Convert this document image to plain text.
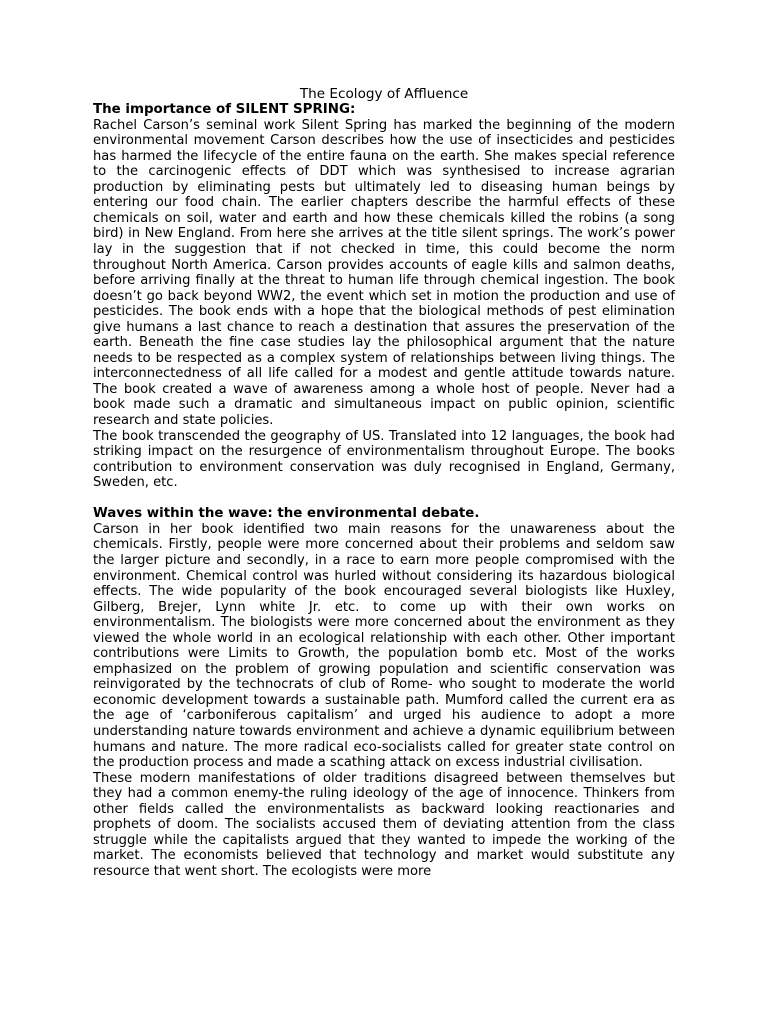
The Ecology of Affluence
The importance of SILENT SPRING:

Rachel Carson’s seminal work Silent Spring has marked the beginning of the modern environmental movement Carson describes how the use of insecticides and pesticides has harmed the lifecycle of the entire fauna on the earth. She makes special reference to the carcinogenic effects of DDT which was synthesised to increase agrarian production by eliminating pests but ultimately led to diseasing human beings by entering our food chain. The earlier chapters describe the harmful effects of these chemicals on soil, water and earth and how these chemicals killed the robins (a song bird) in New England. From here she arrives at the title silent springs. The work’s power lay in the suggestion that if not checked in time, this could become the norm throughout North America. Carson provides accounts of eagle kills and salmon deaths, before arriving finally at the threat to human life through chemical ingestion. The book doesn’t go back beyond WW2, the event which set in motion the production and use of pesticides. The book ends with a hope that the biological methods of pest elimination give humans a last chance to reach a destination that assures the preservation of the earth. Beneath the fine case studies lay the philosophical argument that the nature needs to be respected as a complex system of relationships between living things. The interconnectedness of all life called for a modest and gentle attitude towards nature. The book created a wave of awareness among a whole host of people. Never had a book made such a dramatic and simultaneous impact on public opinion, scientific research and state policies.

The book transcended the geography of US. Translated into 12 languages, the book had striking impact on the resurgence of environmentalism throughout Europe. The books contribution to environment conservation was duly recognised in England, Germany, Sweden, etc.

Waves within the wave: the environmental debate.

Carson in her book identified two main reasons for the unawareness about the chemicals. Firstly, people were more concerned about their problems and seldom saw the larger picture and secondly, in a race to earn more people compromised with the environment. Chemical control was hurled without considering its hazardous biological effects. The wide popularity of the book encouraged several biologists like Huxley, Gilberg, Brejer, Lynn white Jr. etc. to come up with their own works on environmentalism. The biologists were more concerned about the environment as they viewed the whole world in an ecological relationship with each other. Other important contributions were Limits to Growth, the population bomb etc. Most of the works emphasized on the problem of growing population and scientific conservation was reinvigorated by the technocrats of club of Rome- who sought to moderate the world economic development towards a sustainable path. Mumford called the current era as the age of ‘carboniferous capitalism’ and urged his audience to adopt a more understanding nature towards environment and achieve a dynamic equilibrium between humans and nature. The more radical eco-socialists called for greater state control on the production process and made a scathing attack on excess industrial civilisation.

These modern manifestations of older traditions disagreed between themselves but they had a common enemy-the ruling ideology of the age of innocence. Thinkers from other fields called the environmentalists as backward looking reactionaries and prophets of doom. The socialists accused them of deviating attention from the class struggle while the capitalists argued that they wanted to impede the working of the market. The economists believed that technology and market would substitute any resource that went short. The ecologists were more
